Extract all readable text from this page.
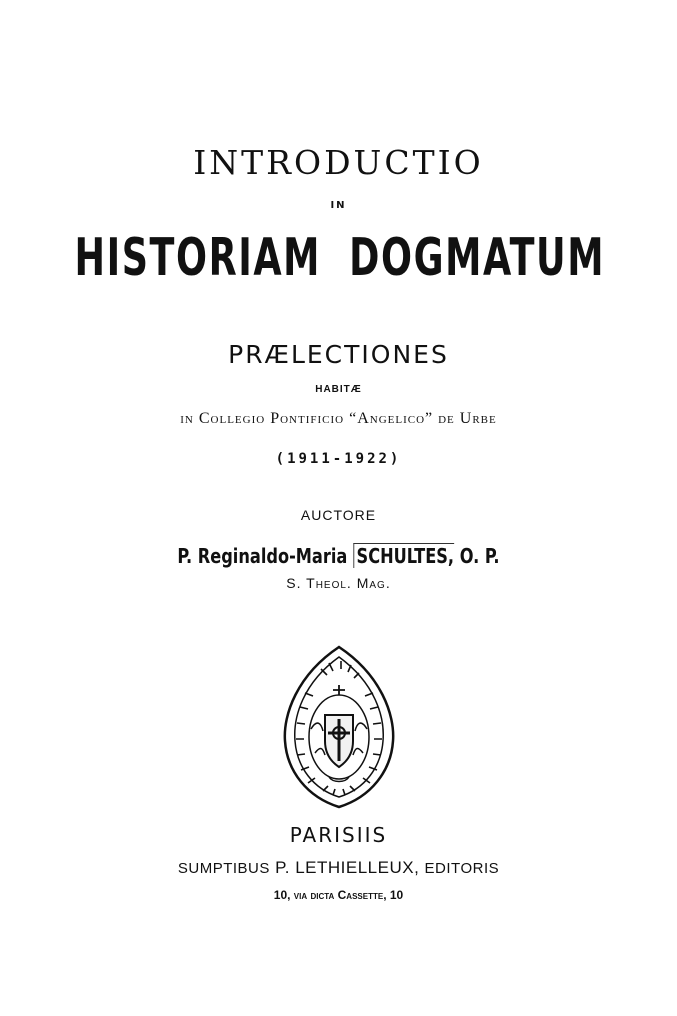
INTRODUCTIO
IN
HISTORIAM DOGMATUM
PRÆLECTIONES
HABITÆ
in Collegio Pontificio “Angelico” de Urbe
(1911-1922)
AUCTORE
P. Reginaldo-Maria SCHULTES, O. P.
S. Theol. Mag.
PARISIIS
SUMPTIBUS P. LETHIELLEUX, EDITORIS
10, via dicta Cassette, 10
